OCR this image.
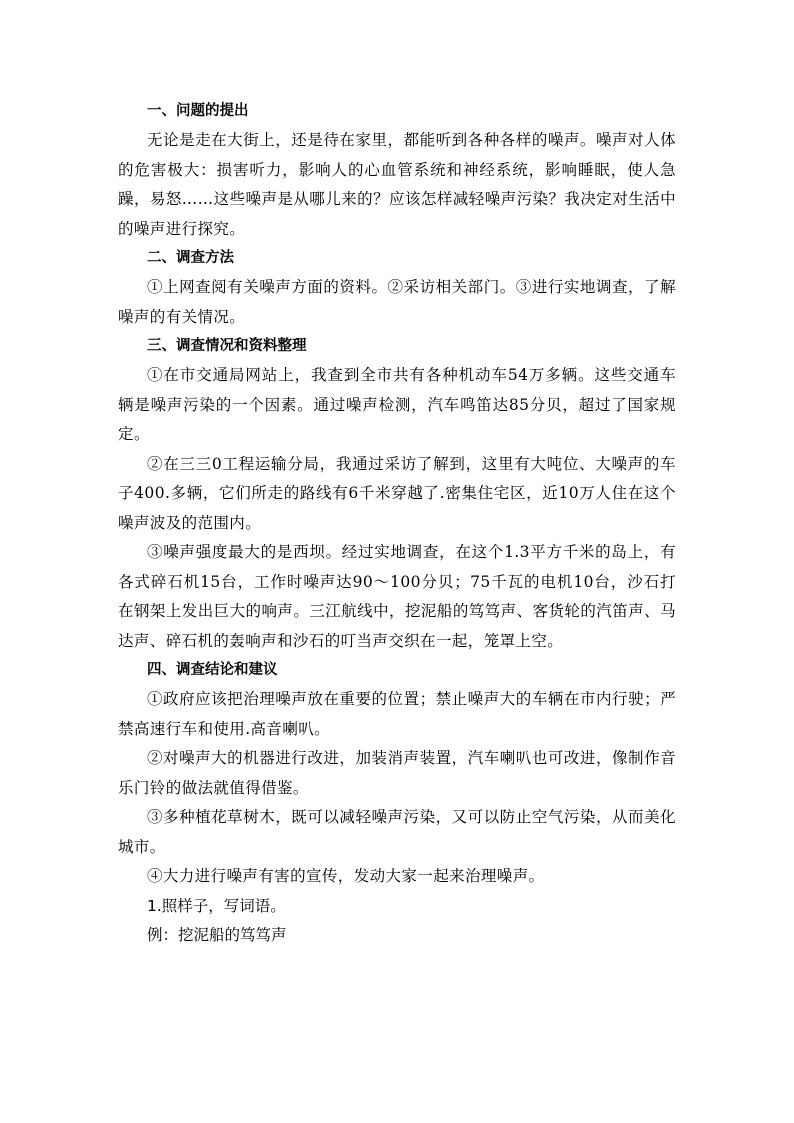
一、问题的提出

无论是走在大街上，还是待在家里，都能听到各种各样的噪声。噪声对人体的危害极大：损害听力，影响人的心血管系统和神经系统，影响睡眠，使人急躁，易怒……这些噪声是从哪儿来的？应该怎样减轻噪声污染？我决定对生活中的噪声进行探究。

二、调查方法

①上网查阅有关噪声方面的资料。②采访相关部门。③进行实地调查，了解噪声的有关情况。

三、调查情况和资料整理

①在市交通局网站上，我查到全市共有各种机动车54万多辆。这些交通车辆是噪声污染的一个因素。通过噪声检测，汽车鸣笛达85分贝，超过了国家规定。

②在三三0工程运输分局，我通过采访了解到，这里有大吨位、大噪声的车子400.多辆，它们所走的路线有6千米穿越了.密集住宅区，近10万人住在这个噪声波及的范围内。

③噪声强度最大的是西坝。经过实地调查，在这个1.3平方千米的岛上，有各式碎石机15台，工作时噪声达90～100分贝；75千瓦的电机10台，沙石打在钢架上发出巨大的响声。三江航线中，挖泥船的笃笃声、客货轮的汽笛声、马达声、碎石机的轰响声和沙石的叮当声交织在一起，笼罩上空。

四、调查结论和建议

①政府应该把治理噪声放在重要的位置；禁止噪声大的车辆在市内行驶；严禁高速行车和使用.高音喇叭。

②对噪声大的机器进行改进，加装消声装置，汽车喇叭也可改进，像制作音乐门铃的做法就值得借鉴。

③多种植花草树木，既可以减轻噪声污染，又可以防止空气污染，从而美化城市。

④大力进行噪声有害的宣传，发动大家一起来治理噪声。

1.照样子，写词语。

例：挖泥船的笃笃声
